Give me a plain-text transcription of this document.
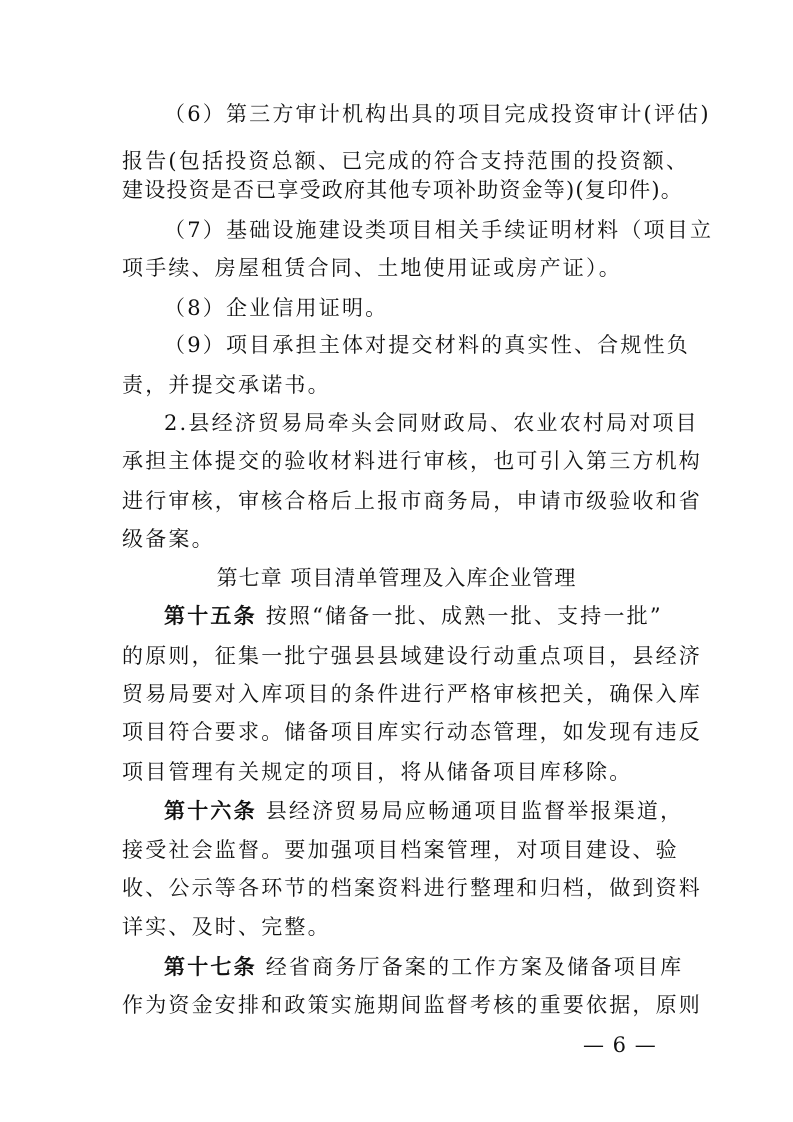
（6）第三方审计机构出具的项目完成投资审计(评估)
报告(包括投资总额、已完成的符合支持范围的投资额、
建设投资是否已享受政府其他专项补助资金等)(复印件)。
（7）基础设施建设类项目相关手续证明材料（项目立
项手续、房屋租赁合同、土地使用证或房产证）。
（8）企业信用证明。
（9）项目承担主体对提交材料的真实性、合规性负
责，并提交承诺书。
2.县经济贸易局牵头会同财政局、农业农村局对项目
承担主体提交的验收材料进行审核，也可引入第三方机构
进行审核，审核合格后上报市商务局，申请市级验收和省
级备案。
第七章 项目清单管理及入库企业管理
第十五条 按照“储备一批、成熟一批、支持一批”
的原则，征集一批宁强县县域建设行动重点项目，县经济
贸易局要对入库项目的条件进行严格审核把关，确保入库
项目符合要求。储备项目库实行动态管理，如发现有违反
项目管理有关规定的项目，将从储备项目库移除。
第十六条 县经济贸易局应畅通项目监督举报渠道，
接受社会监督。要加强项目档案管理，对项目建设、验
收、公示等各环节的档案资料进行整理和归档，做到资料
详实、及时、完整。
第十七条 经省商务厅备案的工作方案及储备项目库
作为资金安排和政策实施期间监督考核的重要依据，原则
— 6 —
